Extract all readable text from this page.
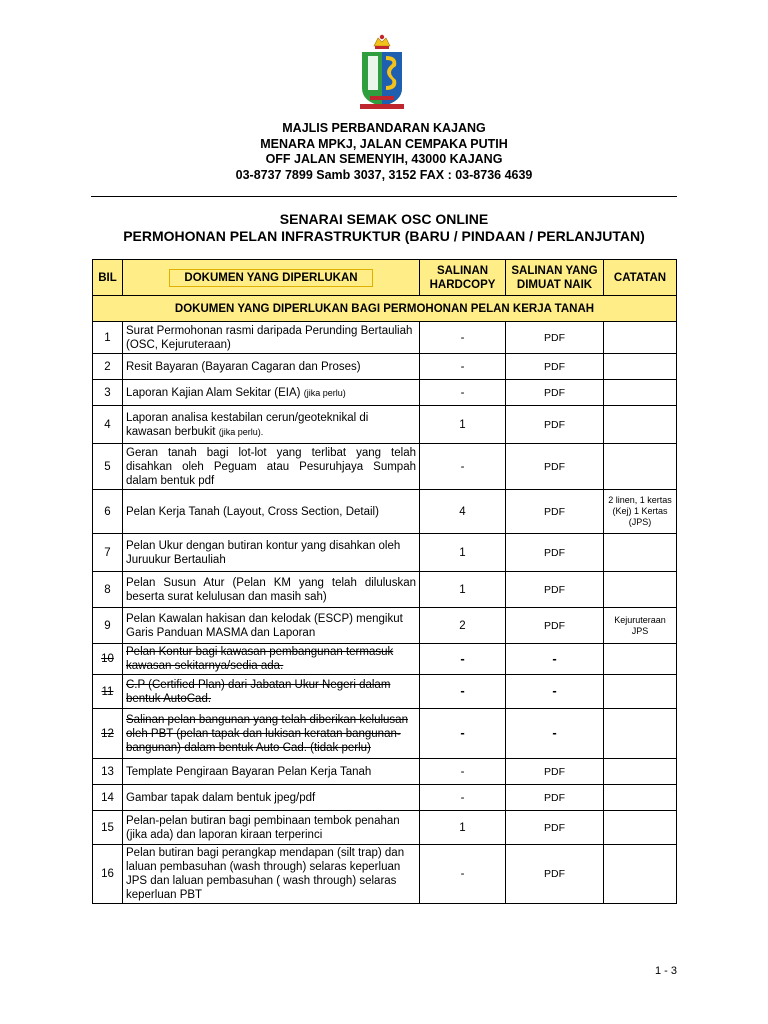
MAJLIS PERBANDARAN KAJANG
MENARA MPKJ, JALAN CEMPAKA PUTIH
OFF JALAN SEMENYIH, 43000 KAJANG
03-8737 7899 Samb 3037, 3152 FAX : 03-8736 4639
SENARAI SEMAK OSC ONLINE
PERMOHONAN PELAN INFRASTRUKTUR (BARU / PINDAAN / PERLANJUTAN)
BIL	DOKUMEN YANG DIPERLUKAN	SALINAN HARDCOPY	SALINAN YANG DIMUAT NAIK	CATATAN
DOKUMEN YANG DIPERLUKAN BAGI PERMOHONAN PELAN KERJA TANAH				
1	Surat Permohonan rasmi daripada Perunding Bertauliah (OSC, Kejuruteraan)	-	PDF	
2	Resit Bayaran (Bayaran Cagaran dan Proses)	-	PDF	
3	Laporan Kajian Alam Sekitar (EIA) (jika perlu)	-	PDF	
4	Laporan analisa kestabilan cerun/geoteknikal di kawasan berbukit (jika perlu).	1	PDF	
5	Geran tanah bagi lot-lot yang terlibat yang telah disahkan oleh Peguam atau Pesuruhjaya Sumpah dalam bentuk pdf	-	PDF	
6	Pelan Kerja Tanah (Layout, Cross Section, Detail)	4	PDF	2 linen, 1 kertas (Kej) 1 Kertas (JPS)
7	Pelan Ukur dengan butiran kontur yang disahkan oleh Juruukur Bertauliah	1	PDF	
8	Pelan Susun Atur (Pelan KM yang telah diluluskan beserta surat kelulusan dan masih sah)	1	PDF	
9	Pelan Kawalan hakisan dan kelodak (ESCP) mengikut Garis Panduan MASMA dan Laporan	2	PDF	Kejuruteraan JPS
10	Pelan Kontur bagi kawasan pembangunan termasuk kawasan sekitarnya/sedia ada.	-	-	
11	C.P (Certified Plan) dari Jabatan Ukur Negeri dalam bentuk AutoCad.	-	-	
12	Salinan pelan bangunan yang telah diberikan kelulusan oleh PBT (pelan tapak dan lukisan keratan bangunan-bangunan) dalam bentuk Auto Cad. (tidak perlu)	-	-	
13	Template Pengiraan Bayaran Pelan Kerja Tanah	-	PDF	
14	Gambar tapak dalam bentuk jpeg/pdf	-	PDF	
15	Pelan-pelan butiran bagi pembinaan tembok penahan (jika ada) dan laporan kiraan terperinci	1	PDF	
16	Pelan butiran bagi perangkap mendapan (silt trap) dan laluan pembasuhan (wash through) selaras keperluan JPS dan laluan pembasuhan ( wash through) selaras keperluan PBT	-	PDF	
1 - 3
